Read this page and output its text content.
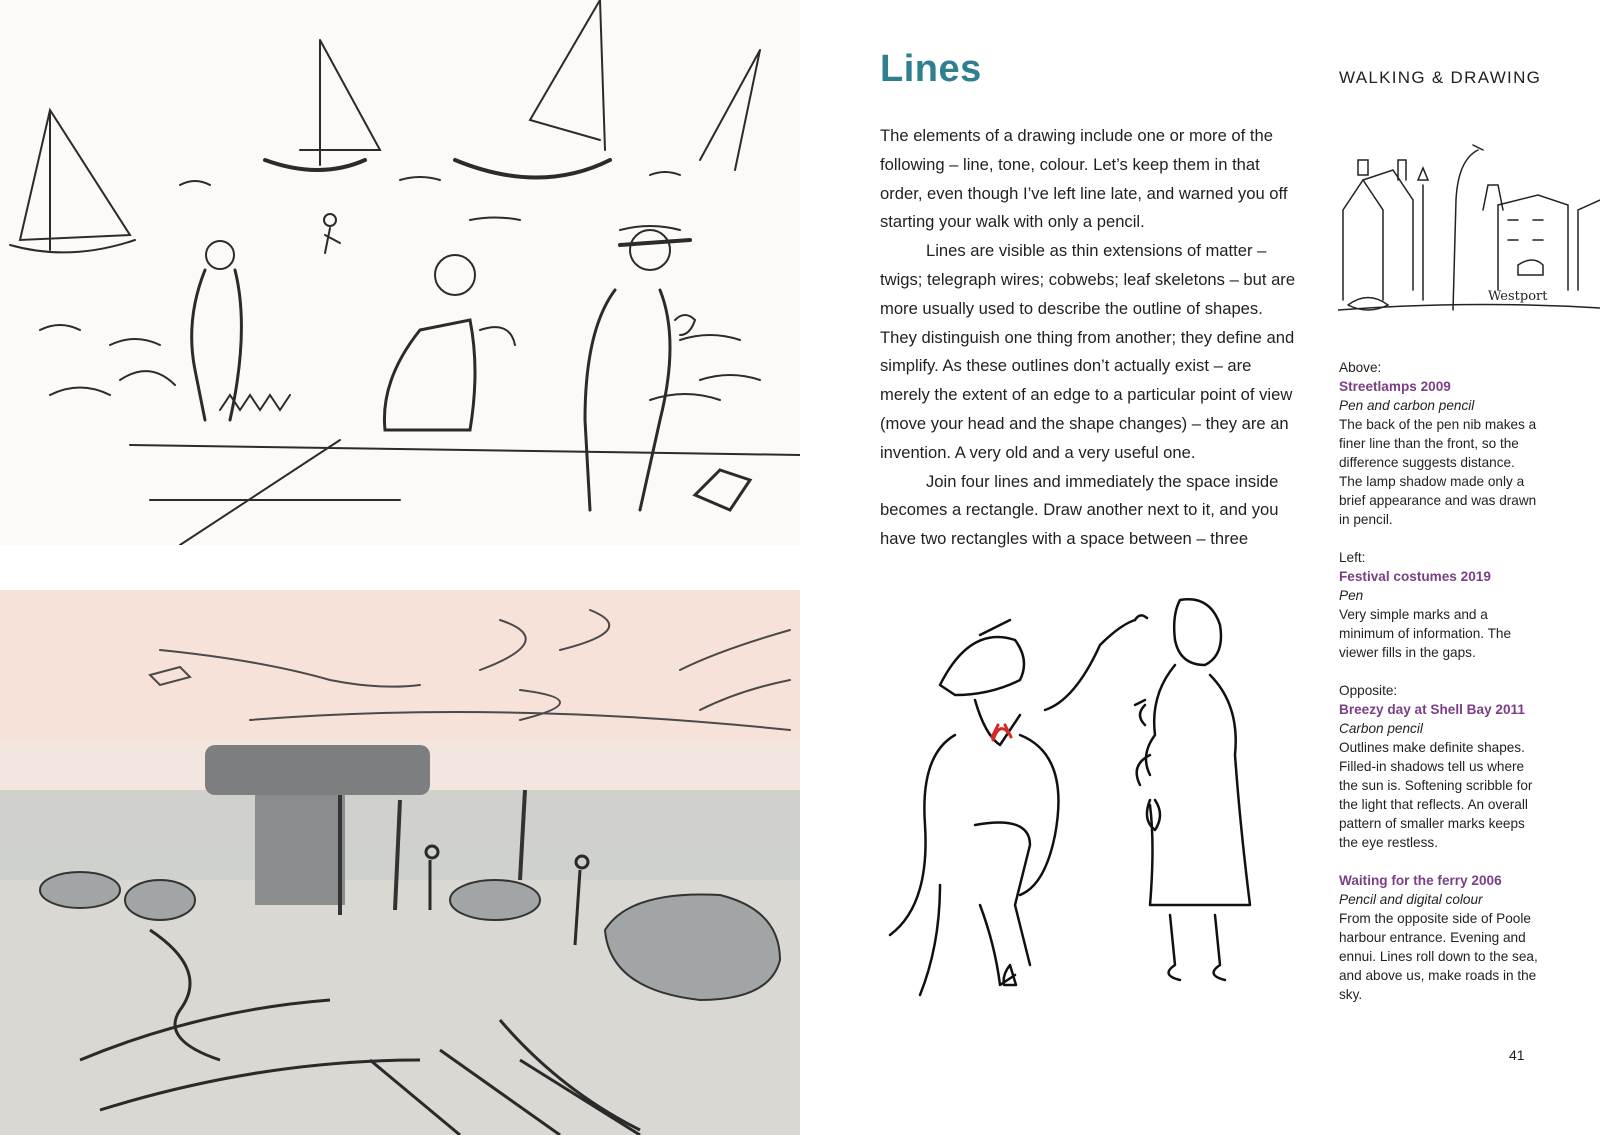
Lines	WALKING & DRAWING

The elements of a drawing include one or more of the following – line, tone, colour. Let’s keep them in that order, even though I’ve left line late, and warned you off starting your walk with only a pencil.

Lines are visible as thin extensions of matter – twigs; telegraph wires; cobwebs; leaf skeletons – but are more usually used to describe the outline of shapes. They distinguish one thing from another; they define and simplify. As these outlines don’t actually exist – are merely the extent of an edge to a particular point of view (move your head and the shape changes) – they are an invention. A very old and a very useful one.

Join four lines and immediately the space inside becomes a rectangle. Draw another next to it, and you have two rectangles with a space between – three

Westport
Above:
Streetlamps 2009
Pen and carbon pencil
The back of the pen nib makes a finer line than the front, so the difference suggests distance. The lamp shadow made only a brief appearance and was drawn in pencil.
Left:
Festival costumes 2019
Pen
Very simple marks and a minimum of information. The viewer fills in the gaps.
Opposite:
Breezy day at Shell Bay 2011
Carbon pencil
Outlines make definite shapes. Filled-in shadows tell us where the sun is. Softening scribble for the light that reflects. An overall pattern of smaller marks keeps the eye restless.
Waiting for the ferry 2006
Pencil and digital colour
From the opposite side of Poole harbour entrance. Evening and ennui. Lines roll down to the sea, and above us, make roads in the sky.
41
